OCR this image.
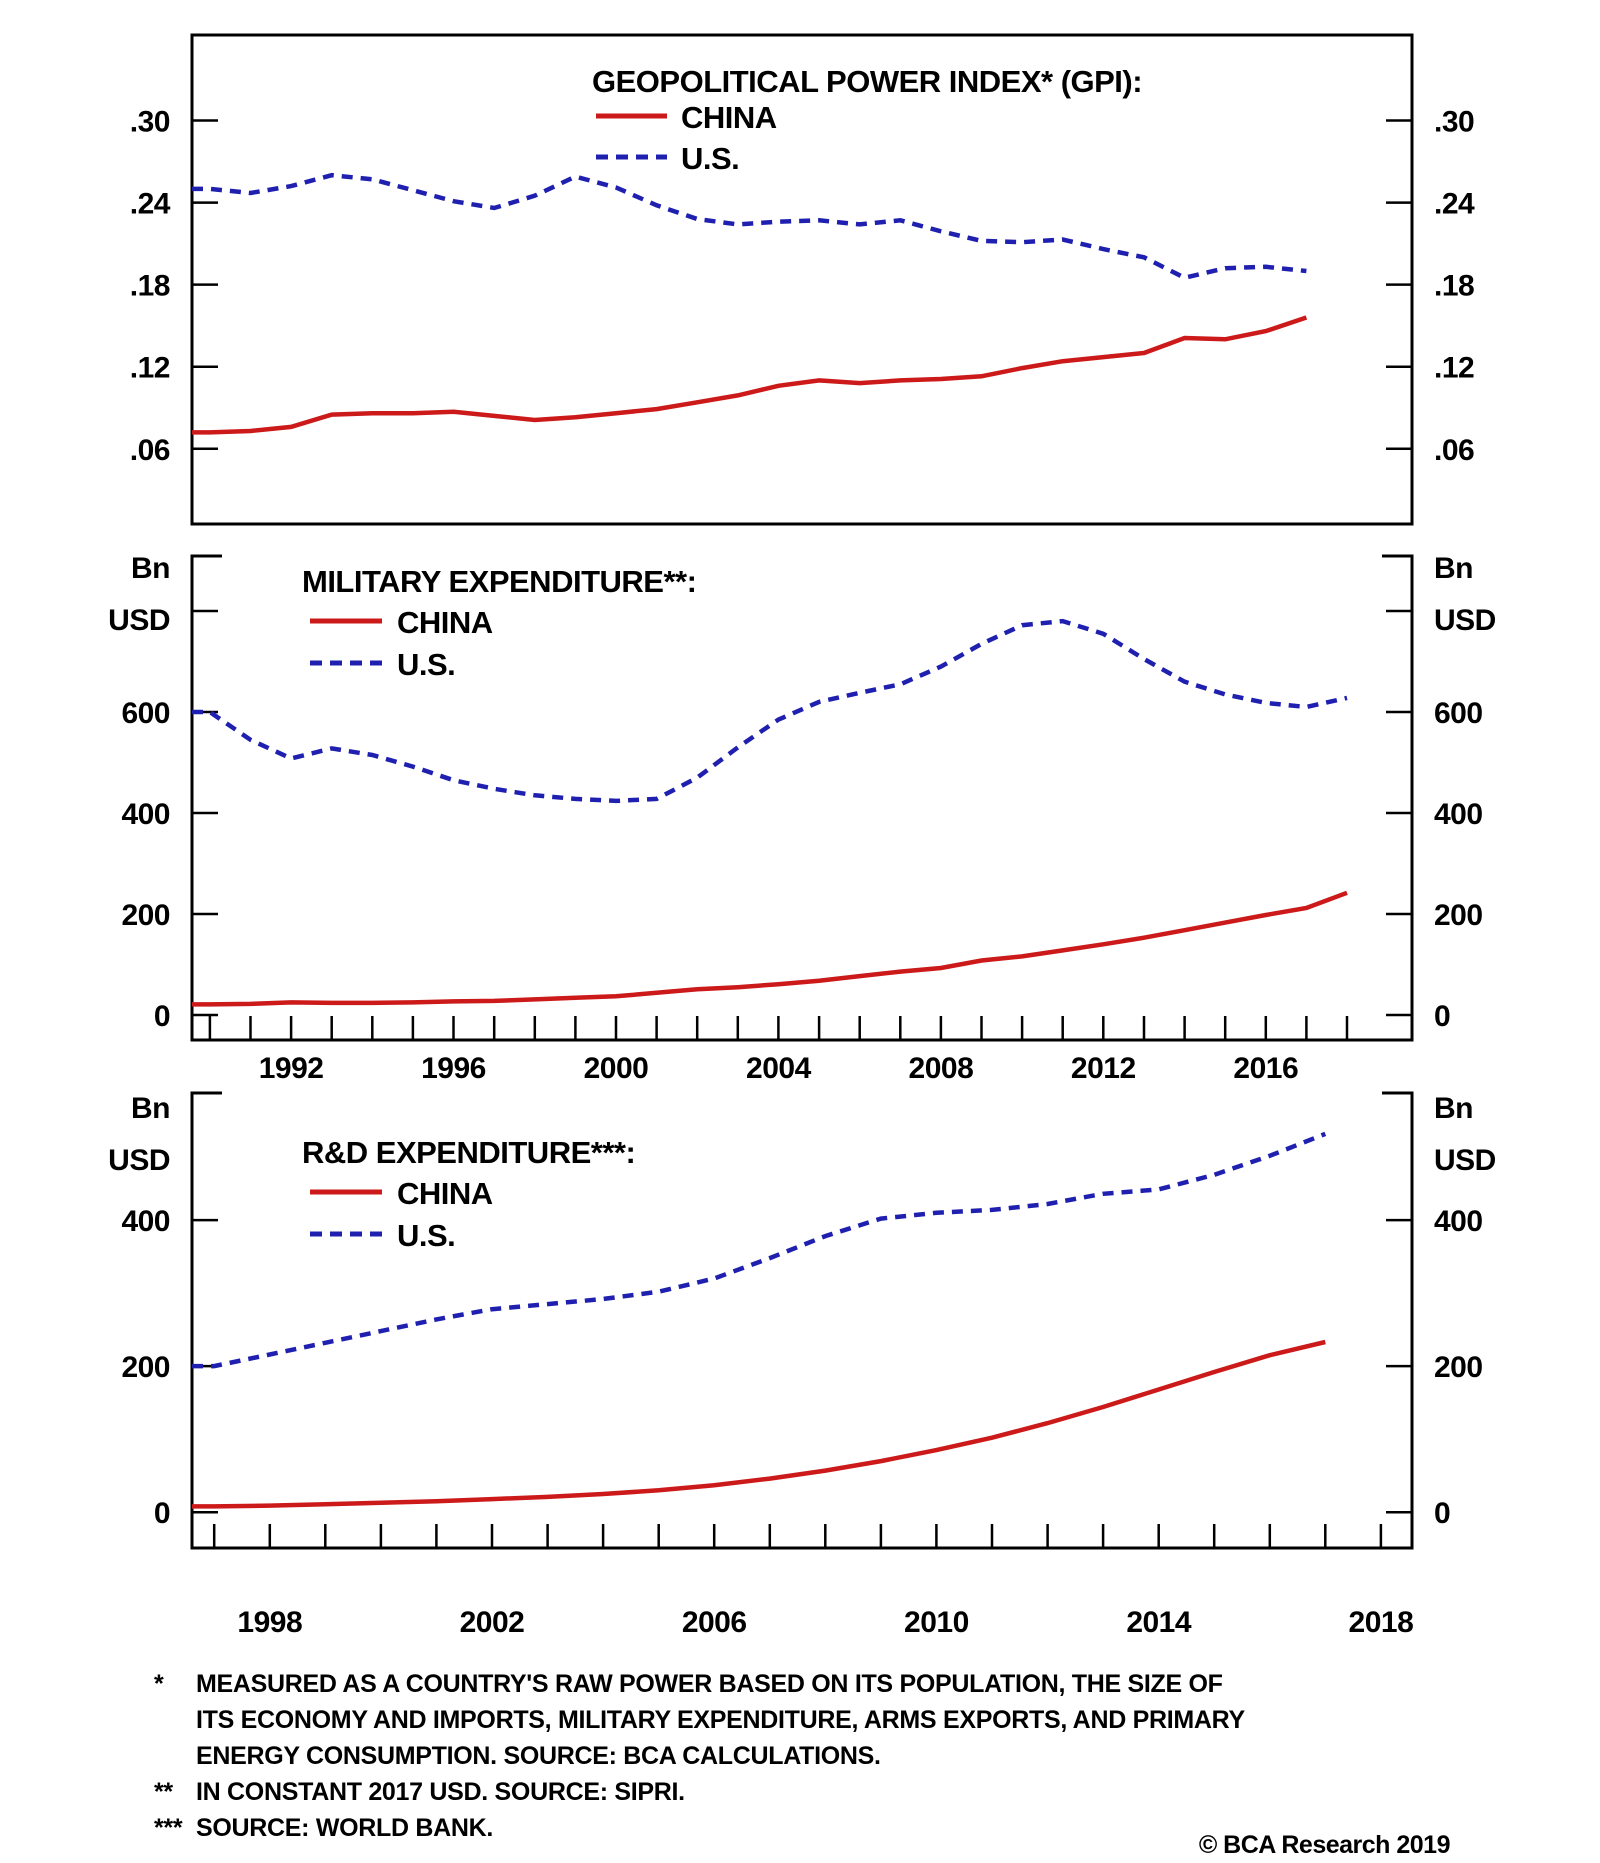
.30	.30
.24	.24
.18	.18
.12	.12
.06	.06
GEOPOLITICAL POWER INDEX* (GPI):
CHINA
U.S.
600	600
400	400
200	200
0	0
1992	1996	2000	2004	2008	2012	2016
Bn
USD
Bn
USD
MILITARY EXPENDITURE**:
CHINA
U.S.
400	400
200	200
0	0
1998	2002	2006	2010	2014	2018
Bn
USD
Bn
USD
R&D EXPENDITURE***:
CHINA
U.S.
* MEASURED AS A COUNTRY'S RAW POWER BASED ON ITS POPULATION, THE SIZE OF
ITS ECONOMY AND IMPORTS, MILITARY EXPENDITURE, ARMS EXPORTS, AND PRIMARY
ENERGY CONSUMPTION. SOURCE: BCA CALCULATIONS.
** IN CONSTANT 2017 USD. SOURCE: SIPRI.
*** SOURCE: WORLD BANK.
© BCA Research 2019
